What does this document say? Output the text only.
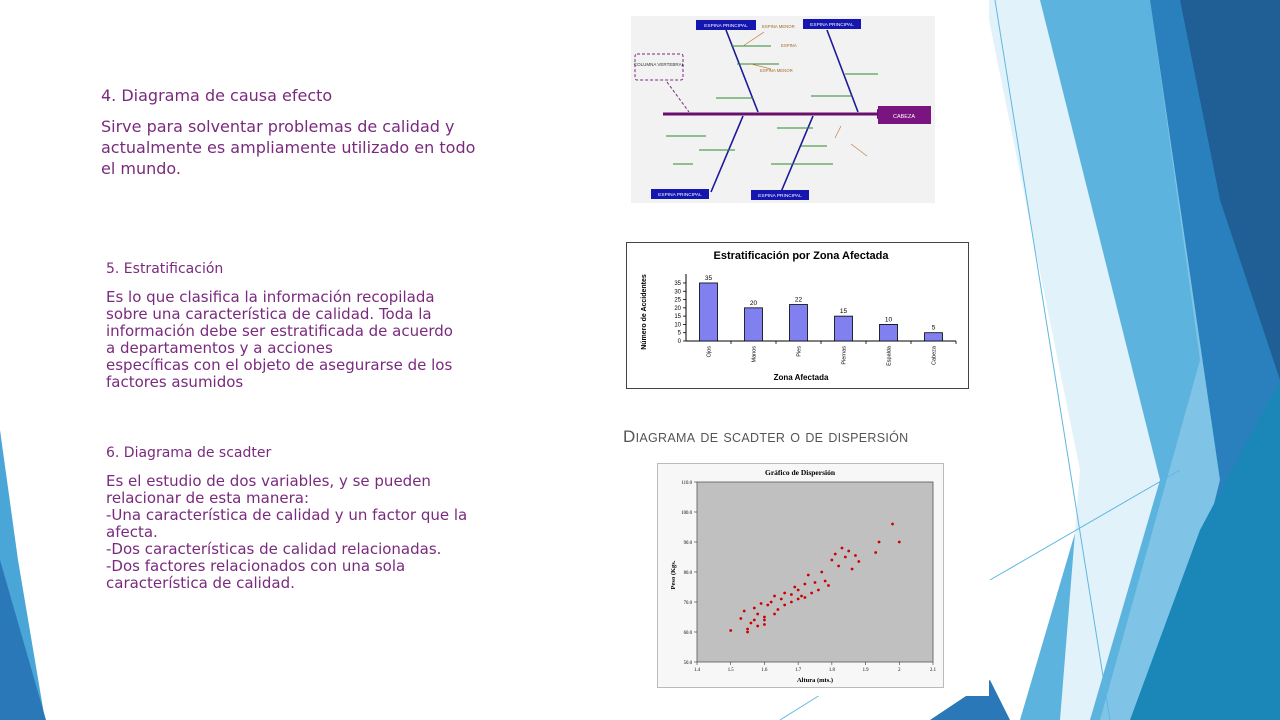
4. Diagrama de causa efecto

Sirve para solventar problemas de calidad y

actualmente es ampliamente utilizado en todo

el mundo.

5. Estratificación

Es lo que clasifica la información recopilada

sobre una característica de calidad. Toda la

información debe ser estratificada de acuerdo

a departamentos y a acciones

específicas con el objeto de asegurarse de los

factores asumidos

6. Diagrama de scadter

Es el estudio de dos variables, y se pueden

relacionar de esta manera:

-Una característica de calidad y un factor que la

afecta.

-Dos características de calidad relacionadas.

-Dos factores relacionados con una sola

característica de calidad.

CABEZA
ESPINA PRINCIPAL	ESPINA PRINCIPAL
ESPINA PRINCIPAL	ESPINA PRINCIPAL
ESPINA MENOR
ESPINA
ESPINA MENOR
COLUMNA VERTEBRAL
Estratificación por Zona Afectada
Zona Afectada
Número de Accidentes	0
5
10
15
20
25
30
35
35
Ojos
20
Manos
22
Pies
15
Piernas
10
Espalda
5
Cabeza
DIAGRAMA DE SCADTER O DE DISPERSIÓN
Gráfico de Dispersión
Altura (mts.)
Peso (Kgs.
50.0
60.0
70.0
80.0
90.0
100.0
110.0
1.4	1.5	1.6	1.7	1.8	1.9	2	2.1
